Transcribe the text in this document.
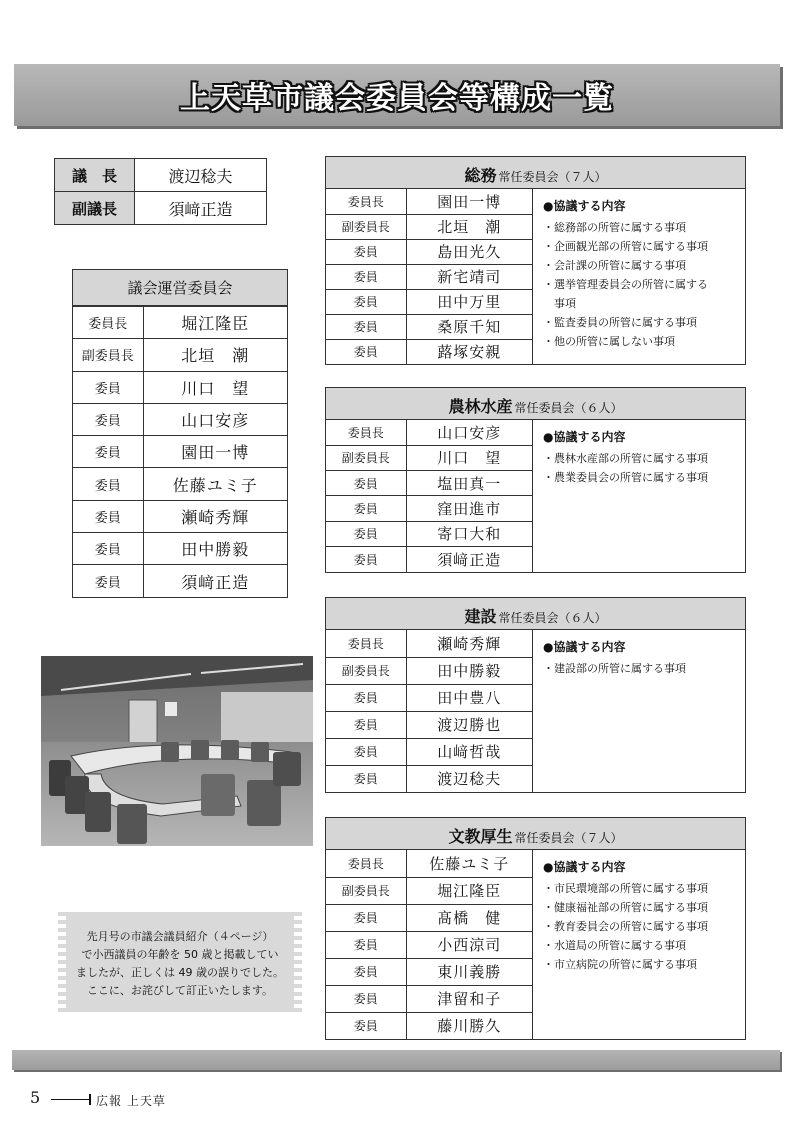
上天草市議会委員会等構成一覧
議　長	渡辺稔夫
副議長	須﨑正造
議会運営委員会
委員長	堀江隆臣
副委員長	北垣　潮
委員	川口　望
委員	山口安彦
委員	園田一博
委員	佐藤ユミ子
委員	瀬崎秀輝
委員	田中勝毅
委員	須﨑正造
先月号の市議会議員紹介（４ページ）
で小西議員の年齢を 50 歳と掲載してい
ましたが、正しくは 49 歳の誤りでした。
ここに、お詫びして訂正いたします。
総務 常任委員会（７人）
委員長	園田一博
副委員長	北垣　潮
委員	島田光久
委員	新宅靖司
委員	田中万里
委員	桑原千知
委員	蕗塚安親
●協議する内容
・総務部の所管に属する事項
・企画観光部の所管に属する事項
・会計課の所管に属する事項
・選挙管理委員会の所管に属する
　事項
・監査委員の所管に属する事項
・他の所管に属しない事項
農林水産 常任委員会（６人）
委員長	山口安彦
副委員長	川口　望
委員	塩田真一
委員	窪田進市
委員	寄口大和
委員	須﨑正造
●協議する内容
・農林水産部の所管に属する事項
・農業委員会の所管に属する事項
建設 常任委員会（６人）
委員長	瀬崎秀輝
副委員長	田中勝毅
委員	田中豊八
委員	渡辺勝也
委員	山﨑哲哉
委員	渡辺稔夫
●協議する内容
・建設部の所管に属する事項
文教厚生 常任委員会（７人）
委員長	佐藤ユミ子
副委員長	堀江隆臣
委員	髙橋　健
委員	小西涼司
委員	東川義勝
委員	津留和子
委員	藤川勝久
●協議する内容
・市民環境部の所管に属する事項
・健康福祉部の所管に属する事項
・教育委員会の所管に属する事項
・水道局の所管に属する事項
・市立病院の所管に属する事項
5	広報 上天草
